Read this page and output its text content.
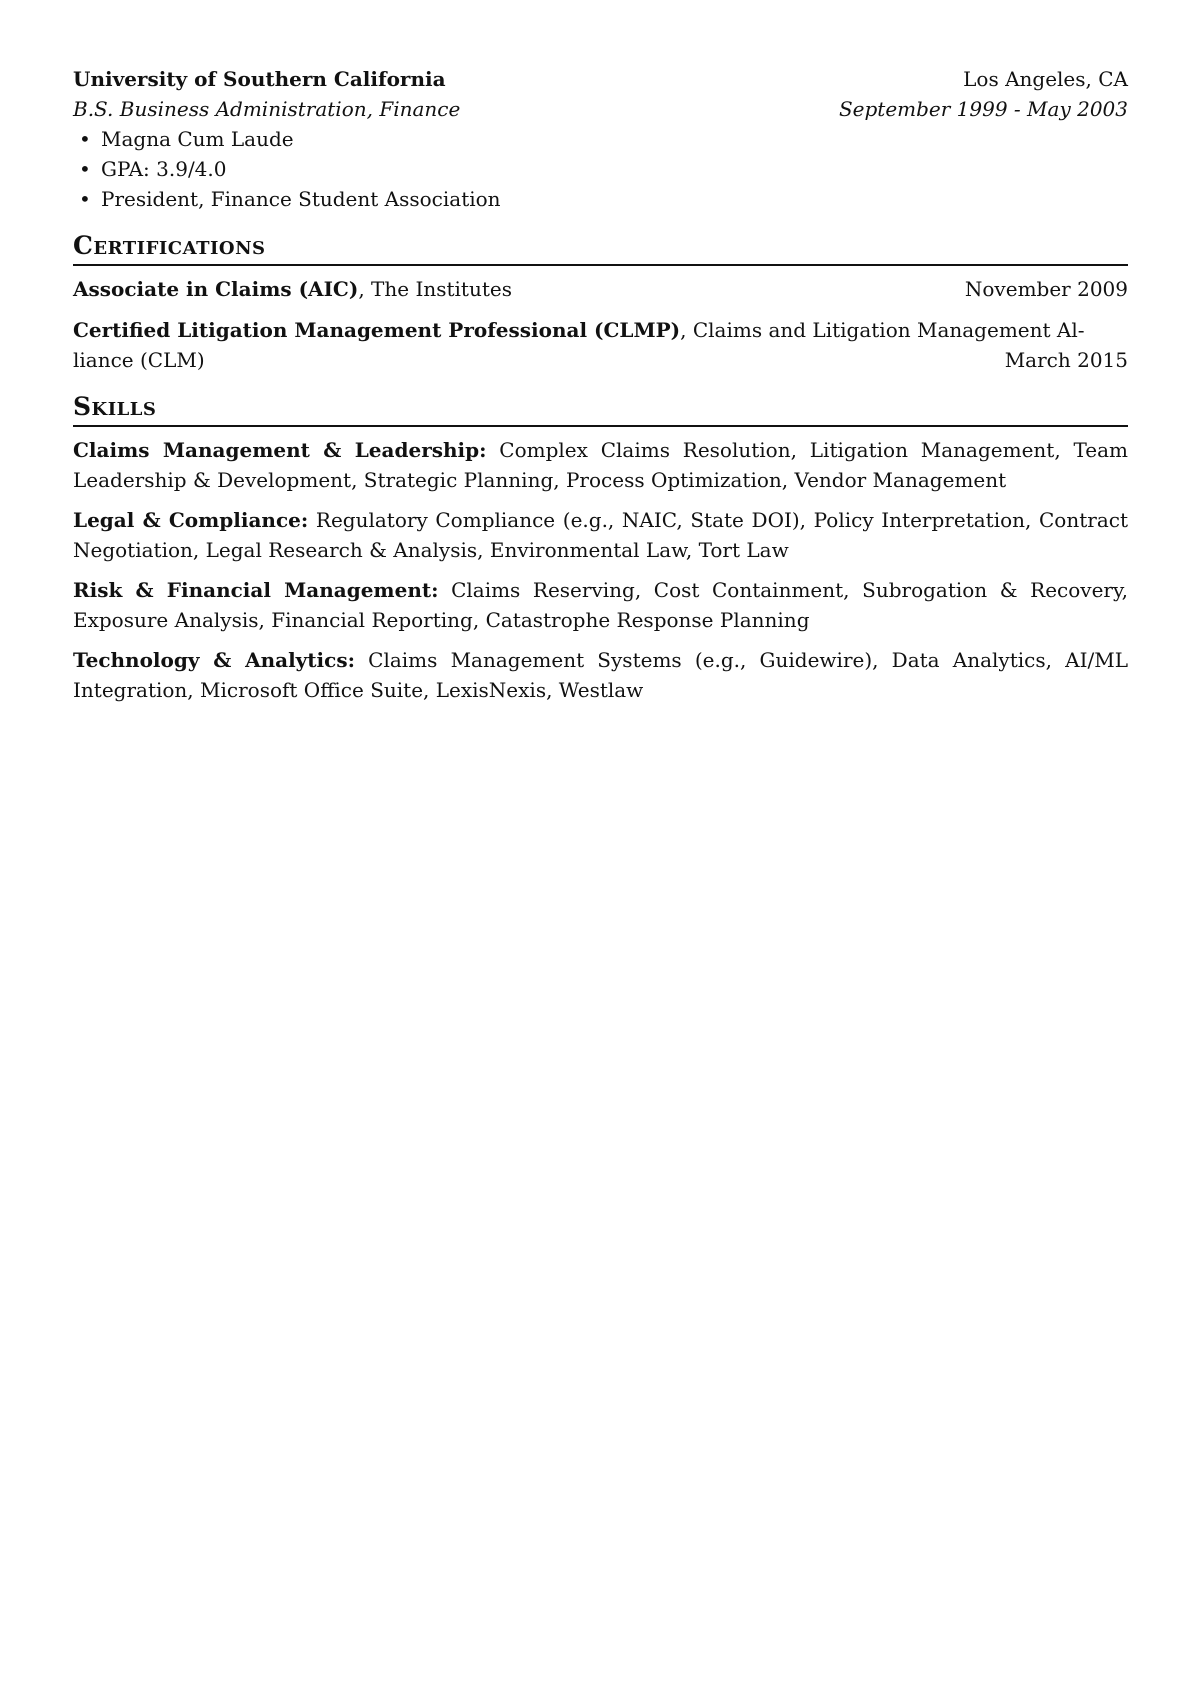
University of Southern California	Los Angeles, CA
B.S. Business Administration, Finance	September 1999 - May 2003
• Magna Cum Laude
• GPA: 3.9/4.0
• President, Finance Student Association
Certifications
Associate in Claims (AIC), The Institutes	November 2009
Certified Litigation Management Professional (CLMP), Claims and Litigation Management Al-
liance (CLM)	March 2015
Skills
Claims Management & Leadership: Complex Claims Resolution, Litigation Management, Team Leadership & Development, Strategic Planning, Process Optimization, Vendor Management
Legal & Compliance: Regulatory Compliance (e.g., NAIC, State DOI), Policy Interpretation, Contract Negotiation, Legal Research & Analysis, Environmental Law, Tort Law
Risk & Financial Management: Claims Reserving, Cost Containment, Subrogation & Recovery, Exposure Analysis, Financial Reporting, Catastrophe Response Planning
Technology & Analytics: Claims Management Systems (e.g., Guidewire), Data Analytics, AI/ML Integration, Microsoft Office Suite, LexisNexis, Westlaw
